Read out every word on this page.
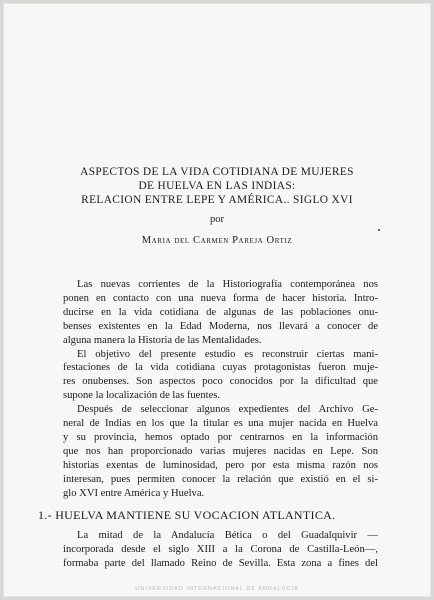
ASPECTOS DE LA VIDA COTIDIANA DE MUJERES
DE HUELVA EN LAS INDIAS:
RELACION ENTRE LEPE Y AMÉRICA.. SIGLO XVI
por
Maria del Carmen Pareja Ortiz
Las nuevas corrientes de la Historiografía contemporánea nos
ponen en contacto con una nueva forma de hacer historia. Intro-
ducirse en la vida cotidiana de algunas de las poblaciones onu-
benses existentes en la Edad Moderna, nos llevará a conocer de
alguna manera la Historia de las Mentalidades.
El objetivo del presente estudio es reconstruir ciertas mani-
festaciones de la vida cotidiana cuyas protagonistas fueron muje-
res onubenses. Son aspectos poco conocidos por la dificultad que
supone la localización de las fuentes.
Después de seleccionar algunos expedientes del Archivo Ge-
neral de Indias en los que la titular es una mujer nacida en Huelva
y su provincia, hemos optado por centrarnos en la información
que nos han proporcionado varias mujeres nacidas en Lepe. Son
historias exentas de luminosidad, pero por esta misma razón nos
interesan, pues permiten conocer la relación que existió en el si-
glo XVI entre América y Huelva.
1.- HUELVA MANTIENE SU VOCACION ATLANTICA.
La mitad de la Andalucía Bética o del Guadalquivir —
incorporada desde el siglo XIII a la Corona de Castilla-León—,
formaba parte del llamado Reino de Sevilla. Esta zona a fines del
UNIVERSIDAD INTERNACIONAL DE ANDALUCÍA
